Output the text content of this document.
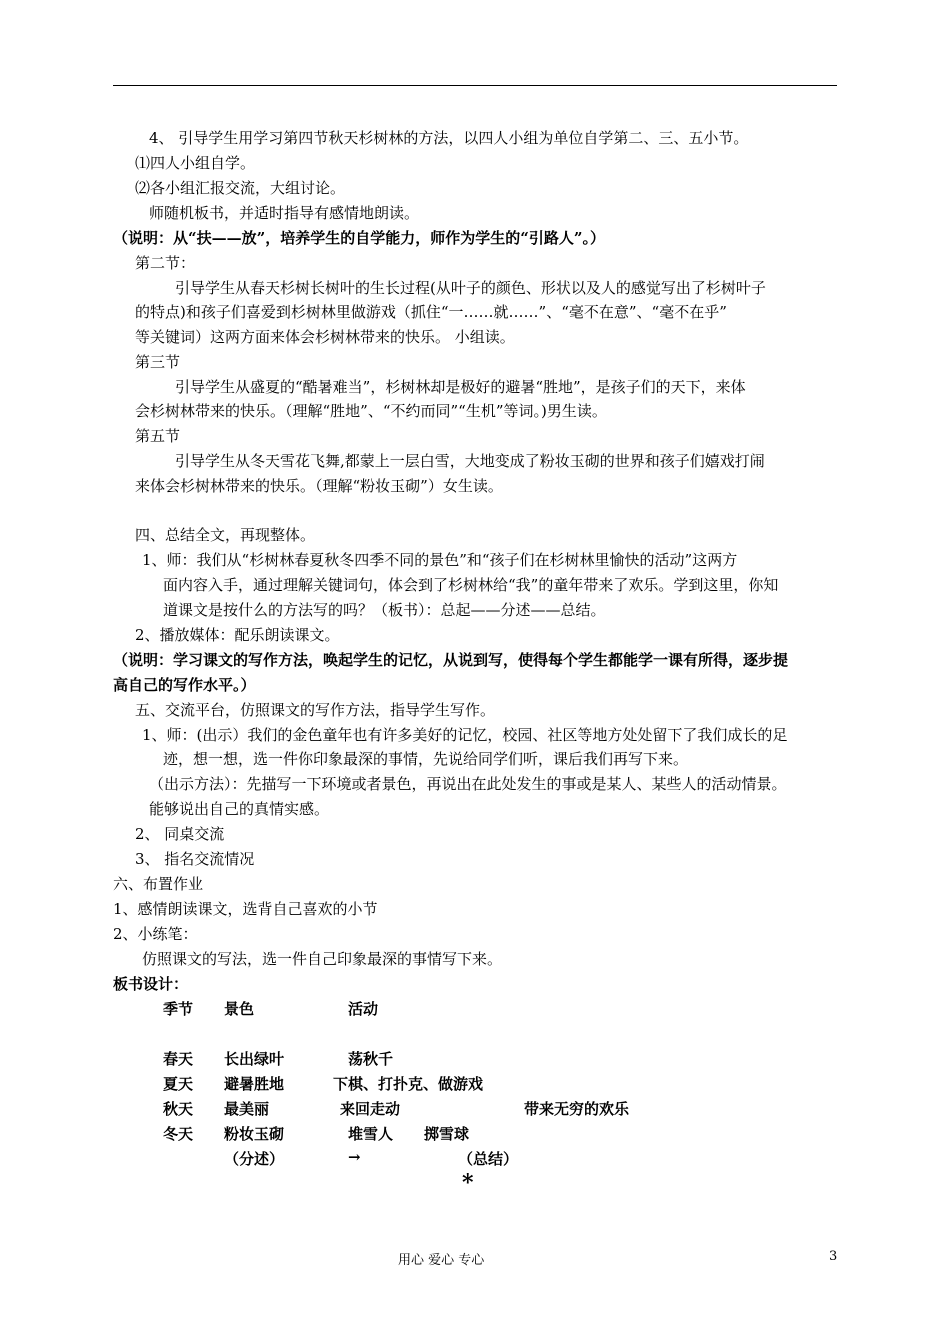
4、 引导学生用学习第四节秋天杉树林的方法，以四人小组为单位自学第二、三、五小节。
⑴四人小组自学。
⑵各小组汇报交流，大组讨论。
师随机板书，并适时指导有感情地朗读。
（说明：从“扶——放”，培养学生的自学能力，师作为学生的“引路人”。）
第二节：
引导学生从春天杉树长树叶的生长过程(从叶子的颜色、形状以及人的感觉写出了杉树叶子
的特点)和孩子们喜爱到杉树林里做游戏（抓住“一……就……”、“毫不在意”、“毫不在乎”
等关键词）这两方面来体会杉树林带来的快乐。 小组读。
第三节
引导学生从盛夏的“酷暑难当”，杉树林却是极好的避暑“胜地”，是孩子们的天下，来体
会杉树林带来的快乐。（理解“胜地”、“不约而同”“生机”等词。)男生读。
第五节
引导学生从冬天雪花飞舞,都蒙上一层白雪，大地变成了粉妆玉砌的世界和孩子们嬉戏打闹
来体会杉树林带来的快乐。（理解“粉妆玉砌”）女生读。
四、总结全文，再现整体。
1、师：我们从“杉树林春夏秋冬四季不同的景色”和“孩子们在杉树林里愉快的活动”这两方
面内容入手，通过理解关键词句，体会到了杉树林给“我”的童年带来了欢乐。学到这里，你知
道课文是按什么的方法写的吗？（板书）：总起——分述——总结。
2、播放媒体：配乐朗读课文。
（说明：学习课文的写作方法，唤起学生的记忆，从说到写，使得每个学生都能学一课有所得，逐步提
高自己的写作水平。）
五、交流平台，仿照课文的写作方法，指导学生写作。
1、师：(出示）我们的金色童年也有许多美好的记忆，校园、社区等地方处处留下了我们成长的足
迹，想一想，选一件你印象最深的事情，先说给同学们听，课后我们再写下来。
（出示方法）：先描写一下环境或者景色，再说出在此处发生的事或是某人、某些人的活动情景。
能够说出自己的真情实感。
2、 同桌交流
3、 指名交流情况
六、布置作业
1、感情朗读课文，选背自己喜欢的小节
2、小练笔：
仿照课文的写法，选一件自己印象最深的事情写下来。
板书设计：
季节 景色	活动
春天 长出绿叶	荡秋千
夏天 避暑胜地	下棋、打扑克、做游戏
秋天 最美丽	来回走动	带来无穷的欢乐
冬天 粉妆玉砌	堆雪人 掷雪球
（分述）	→	（总结）
*
用心 爱心 专心	3
